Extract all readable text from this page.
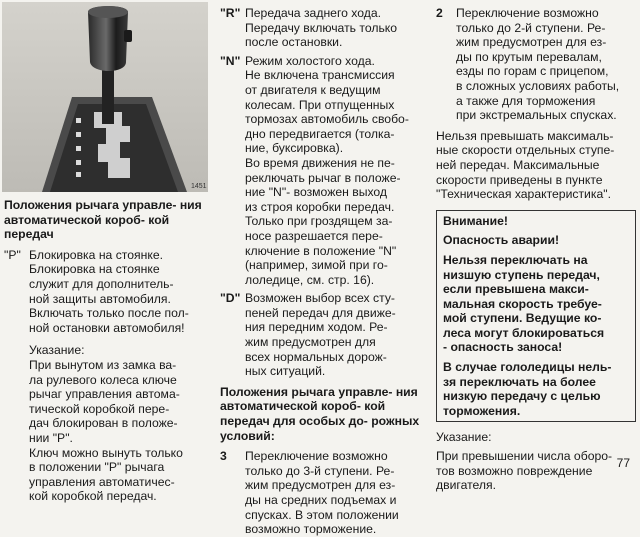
1451

Положения рычага управле- ния автоматической короб- кой передач

"P" Блокировка на стоянке.

Блокировка на стоянке

служит для дополнитель-

ной защиты автомобиля.

Включать только после пол-

ной остановки автомобиля!

Указание:

При вынутом из замка ва-

ла рулевого колеса ключе

рычаг управления автома-

тической коробкой пере-

дач блокирован в положе-

нии "P".

Ключ можно вынуть только

в положении "P" рычага

управления автоматичес-

кой коробкой передач.

"R" Передача заднего хода.

Передачу включать только

после остановки.

"N" Режим холостого хода.

Не включена трансмиссия

от двигателя к ведущим

колесам. При отпущенных

тормозах автомобиль свобо-

дно передвигается (толка-

ние, буксировка).

Во время движения не пе-

реключать рычаг в положе-

ние "N"- возможен выход

из строя коробки передач.

Только при гроздящем за-

носе разрешается пере-

ключение в положение "N"

(например, зимой при го-

лоледице, см. стр. 16).

"D" Возможен выбор всех сту-

пеней передач для движе-

ния передним ходом. Ре-

жим предусмотрен для

всех нормальных дорож-

ных ситуаций.

Положения рычага управле- ния автоматической короб- кой передач для особых до- рожных условий:

3	Переключение возможно

только до 3-й ступени. Ре-

жим предусмотрен для ез-

ды на средних подъемах и

спусках. В этом положении

возможно торможение.

2	Переключение возможно

только до 2-й ступени. Ре-

жим предусмотрен для ез-

ды по крутым перевалам,

езды по горам с прицепом,

в сложных условиях работы,

а также для торможения

при экстремальных спусках.

Нельзя превышать максималь-

ные скорости отдельных ступе-

ней передач. Максимальные

скорости приведены в пункте

"Техническая характеристика".

Внимание!

Опасность аварии!

Нельзя переключать на

низшую ступень передач,

если превышена макси-

мальная скорость требуе-

мой ступени. Ведущие ко-

леса могут блокироваться

- опасность заноса!

В случае гололедицы нель-

зя переключать на более

низкую передачу с целью

торможения.

Указание:

При превышении числа оборо-

тов возможно повреждение

двигателя.

77
